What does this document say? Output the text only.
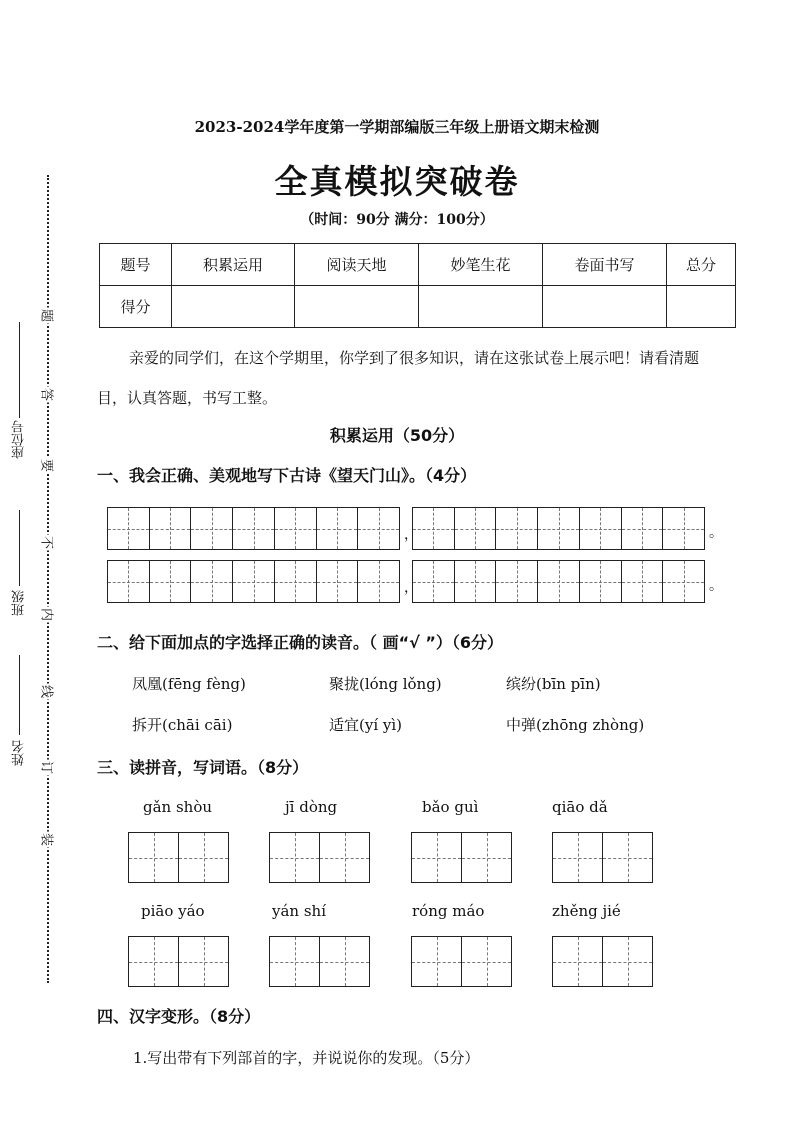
题
答
要
不
内
线
订
装
座位号
班级
姓名
2023-2024学年度第一学期部编版三年级上册语文期末检测
全真模拟突破卷
（时间：90分 满分：100分）
题号	积累运用	阅读天地	妙笔生花	卷面书写	总分
得分					
亲爱的同学们，在这个学期里，你学到了很多知识，请在这张试卷上展示吧！请看清题目，认真答题，书写工整。
积累运用（50分）
一、我会正确、美观地写下古诗《望天门山》。（4分）
，	。
，	。
二、给下面加点的字选择正确的读音。（ 画“√ ”）（6分）
凤凰(fēng fèng)	聚拢(lóng lǒng)	缤纷(bīn pīn)
拆开(chāi cāi)	适宜(yí yì)	中弹(zhōng zhòng)
三、读拼音，写词语。（8分）
gǎn shòu	jī dòng	bǎo guì	qiāo dǎ
piāo yáo	yán shí	róng máo	zhěng jié
四、汉字变形。（8分）
1.写出带有下列部首的字，并说说你的发现。（5分）
